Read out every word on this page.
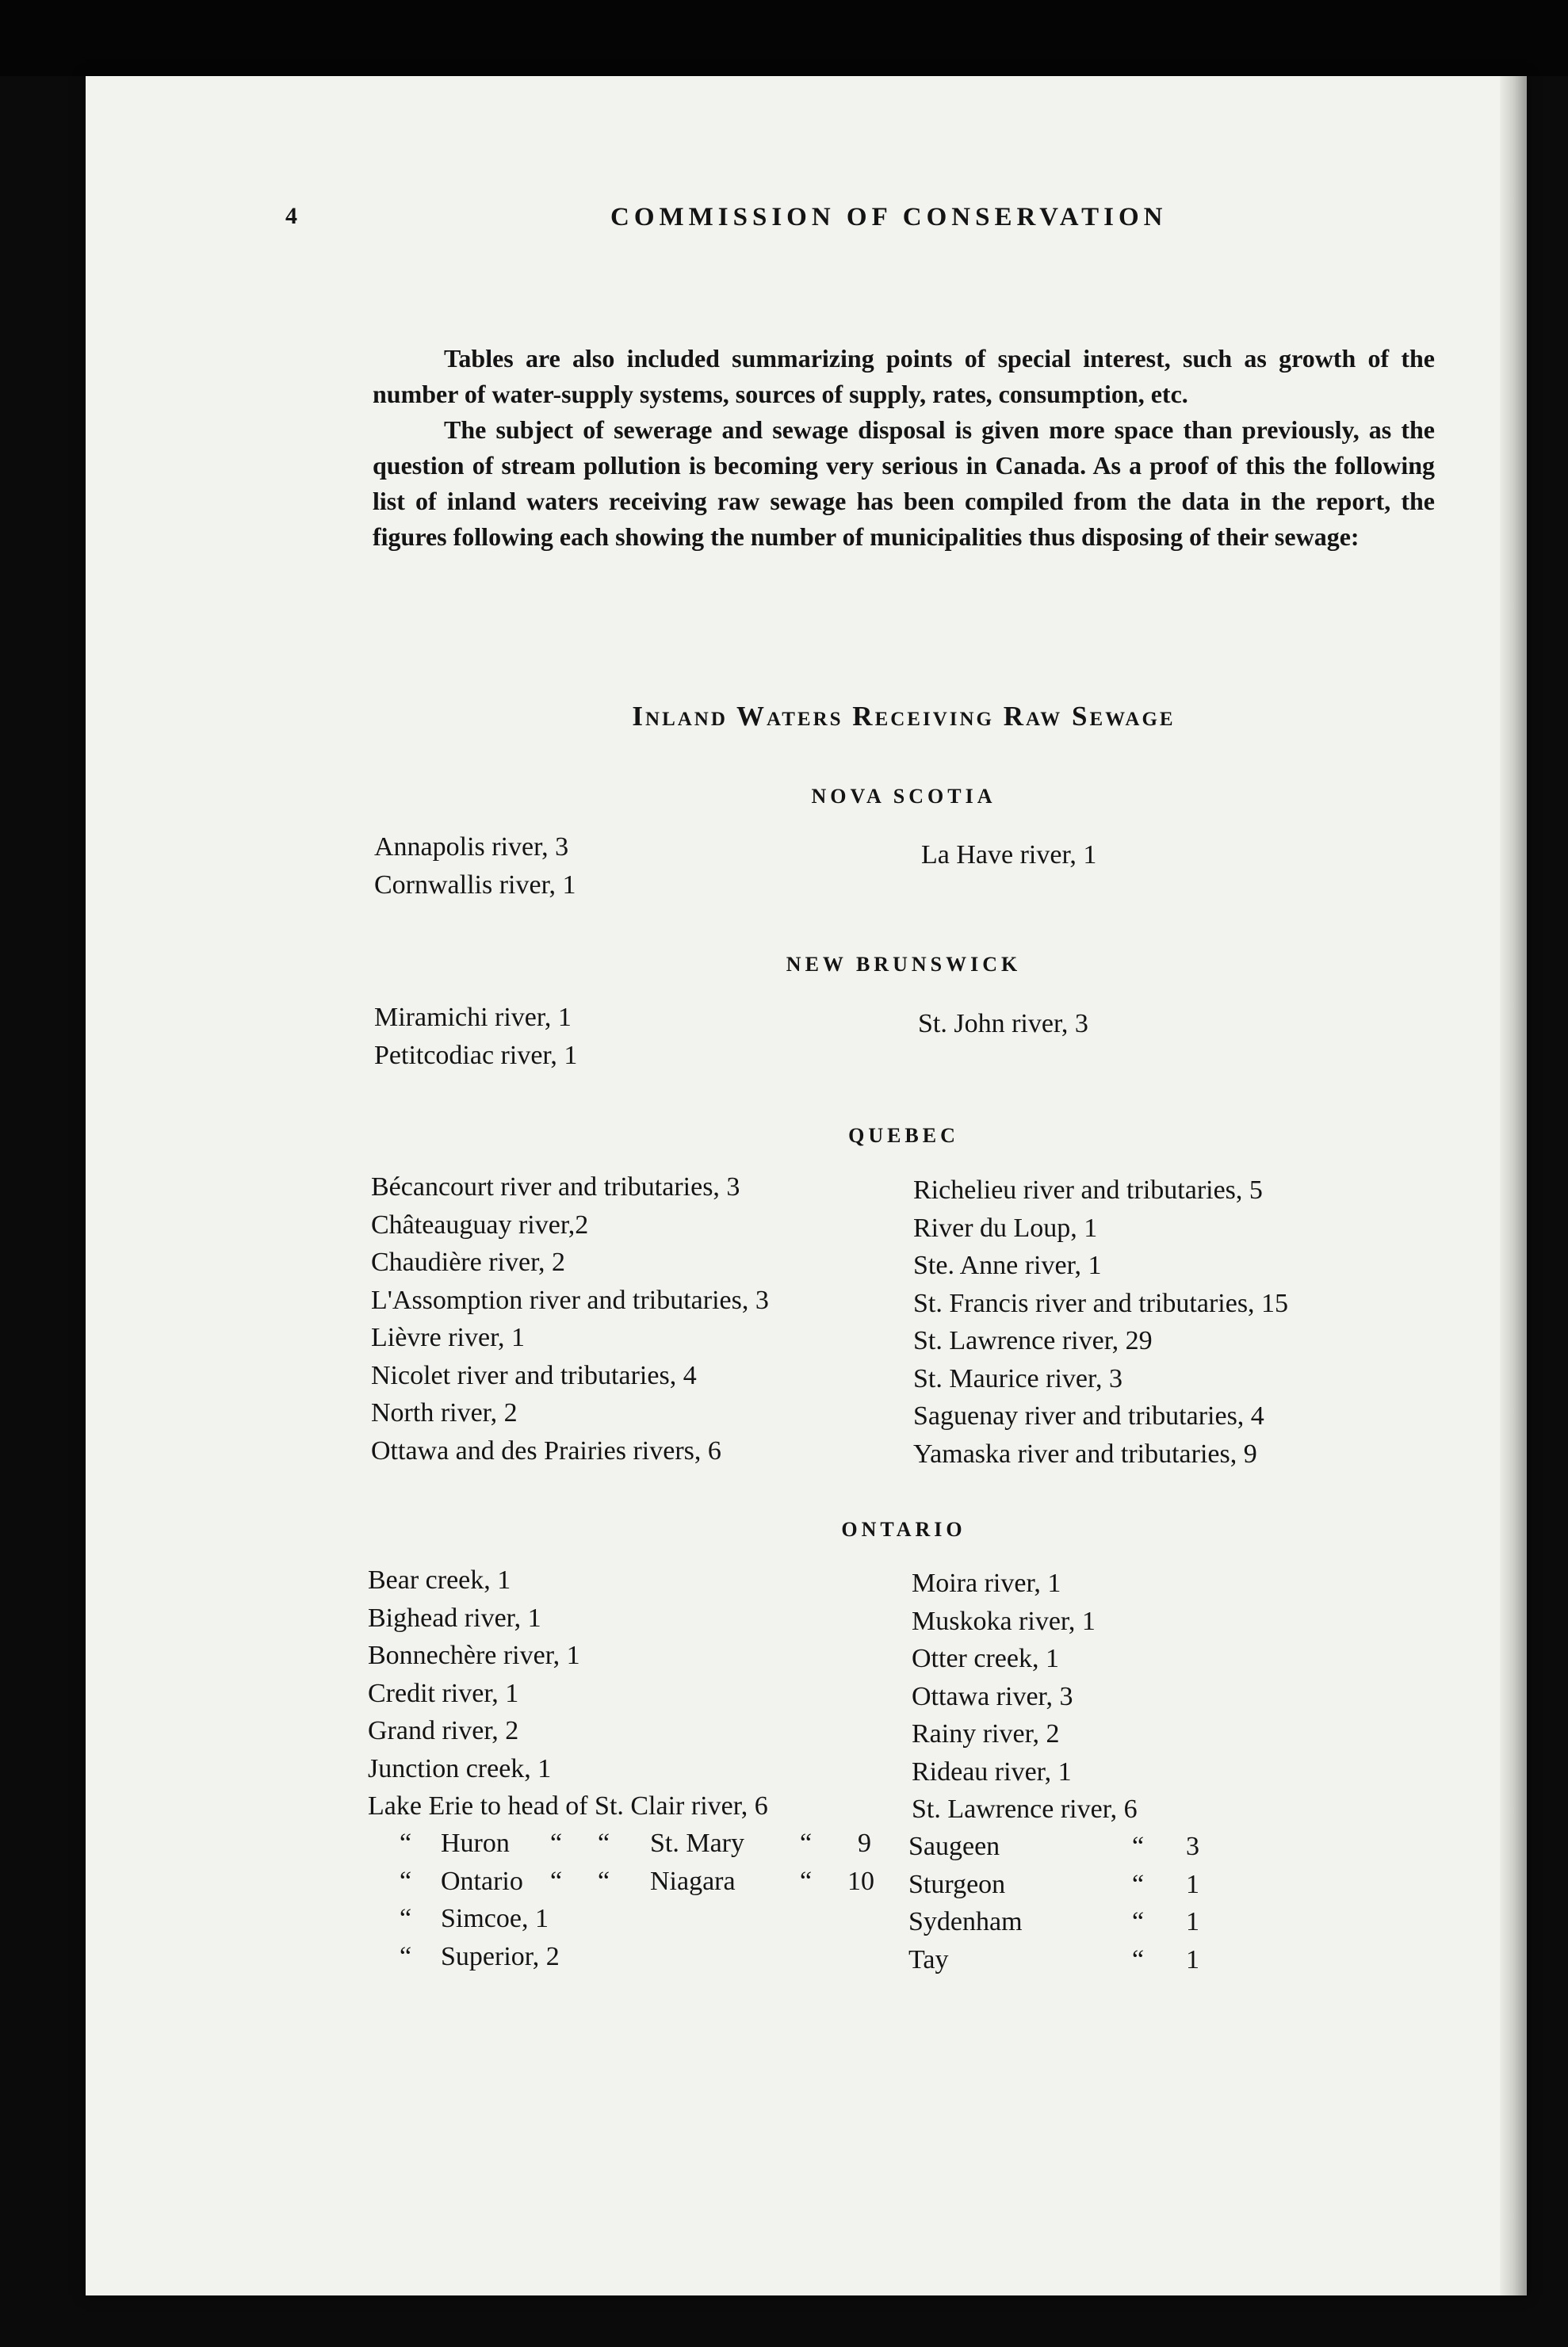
4	COMMISSION OF CONSERVATION

Tables are also included summarizing points of special interest, such as growth of the number of water-supply systems, sources of supply, rates, consumption, etc.

The subject of sewerage and sewage disposal is given more space than previously, as the question of stream pollution is becoming very serious in Canada. As a proof of this the following list of inland waters receiving raw sewage has been compiled from the data in the report, the figures following each showing the number of municipalities thus disposing of their sewage:

Inland Waters Receiving Raw Sewage
NOVA SCOTIA
Annapolis river, 3
Cornwallis river, 1
La Have river, 1
NEW BRUNSWICK
Miramichi river, 1
Petitcodiac river, 1
St. John river, 3
QUEBEC
Bécancourt river and tributaries, 3
Châteauguay river,2
Chaudière river, 2
L'Assomption river and tributaries, 3
Lièvre river, 1
Nicolet river and tributaries, 4
North river, 2
Ottawa and des Prairies rivers, 6
Richelieu river and tributaries, 5
River du Loup, 1
Ste. Anne river, 1
St. Francis river and tributaries, 15
St. Lawrence river, 29
St. Maurice river, 3
Saguenay river and tributaries, 4
Yamaska river and tributaries, 9
ONTARIO
Bear creek, 1
Bighead river, 1
Bonnechère river, 1
Credit river, 1
Grand river, 2
Junction creek, 1
Lake Erie to head of St. Clair river, 6
“ Huron “ “ St. Mary “ 9
“ Ontario “ “ Niagara “ 10
“ Simcoe, 1
“ Superior, 2
Moira river, 1
Muskoka river, 1
Otter creek, 1
Ottawa river, 3
Rainy river, 2
Rideau river, 1
St. Lawrence river, 6
Saugeen	“ 3
Sturgeon	“ 1
Sydenham	“ 1
Tay	“ 1
